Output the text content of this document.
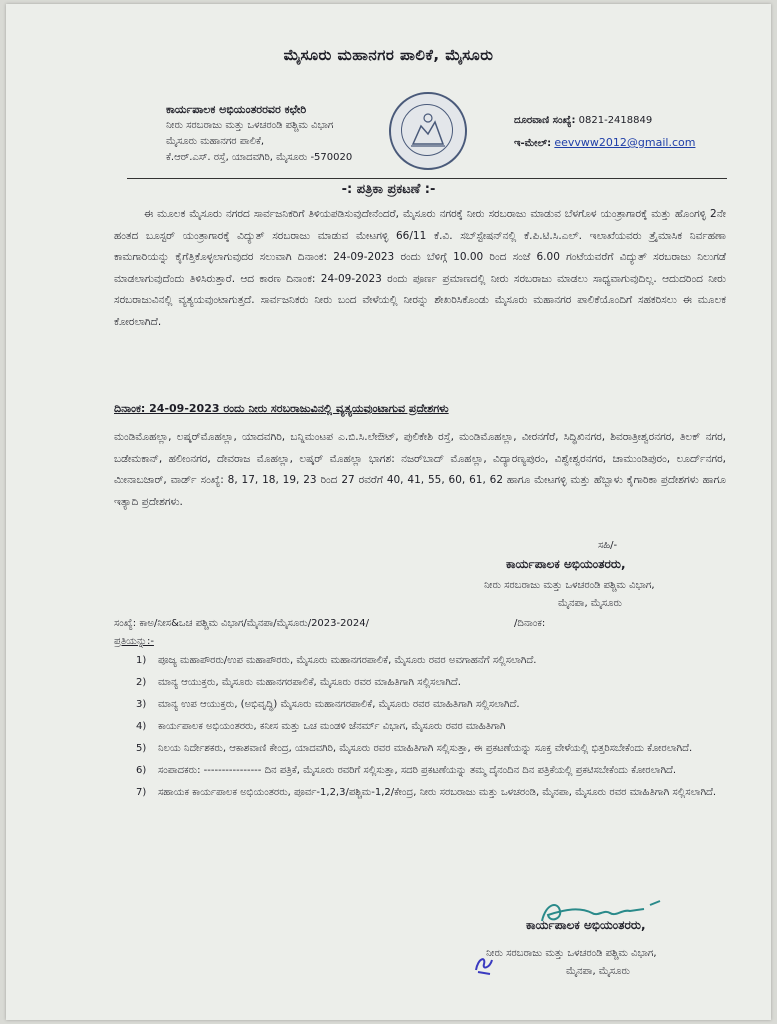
ಮೈಸೂರು ಮಹಾನಗರ ಪಾಲಿಕೆ, ಮೈಸೂರು
ಕಾರ್ಯಪಾಲಕ ಅಭಿಯಂತರರವರ ಕಛೇರಿ
ನೀರು ಸರಬರಾಜು ಮತ್ತು ಒಳಚರಂಡಿ ಪಶ್ಚಿಮ ವಿಭಾಗ
ಮೈಸೂರು ಮಹಾನಗರ ಪಾಲಿಕೆ,
ಕೆ.ಆರ್.ಎಸ್. ರಸ್ತೆ, ಯಾದವಗಿರಿ, ಮೈಸೂರು -570020
ದೂರವಾಣಿ ಸಂಖ್ಯೆ: 0821-2418849
ಇ-ಮೇಲ್: eevvww2012@gmail.com
-: ಪತ್ರಿಕಾ ಪ್ರಕಟಣೆ :-
ಈ ಮೂಲಕ ಮೈಸೂರು ನಗರದ ಸಾರ್ವಜನಿಕರಿಗೆ ತಿಳಿಯಪಡಿಸುವುದೇನೆಂದರೆ, ಮೈಸೂರು ನಗರಕ್ಕೆ ನೀರು ಸರಬರಾಜು ಮಾಡುವ ಬೆಳಗೊಳ ಯಂತ್ರಾಗಾರಕ್ಕೆ ಮತ್ತು ಹೊಂಗಳ್ಳಿ 2ನೇ ಹಂತದ ಬೂಸ್ಟರ್ ಯಂತ್ರಾಗಾರಕ್ಕೆ ವಿದ್ಯುತ್ ಸರಬರಾಜು ಮಾಡುವ ಮೇಟಗಳ್ಳಿ 66/11 ಕೆ.ವಿ. ಸಬ್‌ಸ್ಟೇಷನ್‌ನಲ್ಲಿ ಕೆ.ಪಿ.ಟಿ.ಸಿ.ಎಲ್. ಇಲಾಖೆಯವರು ತ್ರೈಮಾಸಿಕ ನಿರ್ವಹಣಾ ಕಾಮಗಾರಿಯನ್ನು ಕೈಗೆತ್ತಿಕೊಳ್ಳಲಾಗುವುದರ ಸಲುವಾಗಿ ದಿನಾಂಕ: 24-09-2023 ರಂದು ಬೆಳಿಗ್ಗೆ 10.00 ರಿಂದ ಸಂಜೆ 6.00 ಗಂಟೆಯವರೆಗೆ ವಿದ್ಯುತ್ ಸರಬರಾಜು ನಿಲುಗಡೆ ಮಾಡಲಾಗುವುದೆಂದು ತಿಳಿಸಿರುತ್ತಾರೆ. ಆದ ಕಾರಣ ದಿನಾಂಕ: 24-09-2023 ರಂದು ಪೂರ್ಣ ಪ್ರಮಾಣದಲ್ಲಿ ನೀರು ಸರಬರಾಜು ಮಾಡಲು ಸಾಧ್ಯವಾಗುವುದಿಲ್ಲ. ಆದುದರಿಂದ ನೀರು ಸರಬರಾಜುವಿನಲ್ಲಿ ವ್ಯತ್ಯಯವುಂಟಾಗುತ್ತದೆ. ಸಾರ್ವಜನಿಕರು ನೀರು ಬಂದ ವೇಳೆಯಲ್ಲಿ ನೀರನ್ನು ಶೇಖರಿಸಿಕೊಂಡು ಮೈಸೂರು ಮಹಾನಗರ ಪಾಲಿಕೆಯೊಂದಿಗೆ ಸಹಕರಿಸಲು ಈ ಮೂಲಕ ಕೋರಲಾಗಿದೆ.
ದಿನಾಂಕ: 24-09-2023 ರಂದು ನೀರು ಸರಬರಾಜುವಿನಲ್ಲಿ ವ್ಯತ್ಯಯವುಂಟಾಗುವ ಪ್ರದೇಶಗಳು
ಮಂಡಿಮೊಹಲ್ಲಾ, ಲಷ್ಕರ್‌ಮೊಹಲ್ಲಾ, ಯಾದವಗಿರಿ, ಬನ್ನಿಮಂಟಪ ಎ.ಬಿ.ಸಿ.ಲೇಔಟ್, ಪುಲಿಕೇಶಿ ರಸ್ತೆ, ಮಂಡಿಮೊಹಲ್ಲಾ, ವೀರನಗೆರೆ, ಸಿದ್ಧಿಖಿನಗರ, ಶಿವರಾತ್ರೀಶ್ವರನಗರ, ತಿಲಕ್ ನಗರ, ಬಡೇಮಕಾನ್, ಹಲೀಂನಗರ, ದೇವರಾಜ ಮೊಹಲ್ಲಾ, ಲಷ್ಕರ್ ಮೊಹಲ್ಲಾ ಭಾಗಶ: ನಜರ್‌ಬಾದ್ ಮೊಹಲ್ಲಾ, ವಿದ್ಯಾರಣ್ಯಪುರಂ, ವಿಶ್ವೇಶ್ವರನಗರ, ಚಾಮುಂಡಿಪುರಂ, ಲೂರ್ದ್‌ನಗರ, ಮೀನಾಬಜಾರ್, ವಾರ್ಡ್ ಸಂಖ್ಯೆ: 8, 17, 18, 19, 23 ರಿಂದ 27 ರವರೆಗೆ 40, 41, 55, 60, 61, 62 ಹಾಗೂ ಮೇಟಗಳ್ಳಿ ಮತ್ತು ಹೆಬ್ಬಾಳು ಕೈಗಾರಿಕಾ ಪ್ರದೇಶಗಳು ಹಾಗೂ ಇತ್ಯಾದಿ ಪ್ರದೇಶಗಳು.
ಸಹಿ/-
ಕಾರ್ಯಪಾಲಕ ಅಭಿಯಂತರರು,
ನೀರು ಸರಬರಾಜು ಮತ್ತು ಒಳಚರಂಡಿ ಪಶ್ಚಿಮ ವಿಭಾಗ,
ಮೈನಪಾ, ಮೈಸೂರು
ಸಂಖ್ಯೆ: ಕಾಅ/ನೀಸ&ಒಚ ಪಶ್ಚಿಮ ವಿಭಾಗ/ಮೈನಪಾ/ಮೈಸೂರು/2023-2024/	/ದಿನಾಂಕ:
ಪ್ರತಿಯನ್ನು:-
1) ಪೂಜ್ಯ ಮಹಾಪೌರರು/ಉಪ ಮಹಾಪೌರರು, ಮೈಸೂರು ಮಹಾನಗರಪಾಲಿಕೆ, ಮೈಸೂರು ರವರ ಅವಗಾಹನೆಗೆ ಸಲ್ಲಿಸಲಾಗಿದೆ.
2) ಮಾನ್ಯ ಆಯುಕ್ತರು, ಮೈಸೂರು ಮಹಾನಗರಪಾಲಿಕೆ, ಮೈಸೂರು ರವರ ಮಾಹಿತಿಗಾಗಿ ಸಲ್ಲಿಸಲಾಗಿದೆ.
3) ಮಾನ್ಯ ಉಪ ಆಯುಕ್ತರು, (ಅಭಿವೃದ್ಧಿ) ಮೈಸೂರು ಮಹಾನಗರಪಾಲಿಕೆ, ಮೈಸೂರು ರವರ ಮಾಹಿತಿಗಾಗಿ ಸಲ್ಲಿಸಲಾಗಿದೆ.
4) ಕಾರ್ಯಪಾಲಕ ಅಭಿಯಂತರರು, ಕನೀಸ ಮತ್ತು ಒಚ ಮಂಡಳಿ ಜೆನರ್ಮ್ ವಿಭಾಗ, ಮೈಸೂರು ರವರ ಮಾಹಿತಿಗಾಗಿ
5) ನಿಲಯ ನಿರ್ದೇಶಕರು, ಆಕಾಶವಾಣಿ ಕೇಂದ್ರ, ಯಾದವಗಿರಿ, ಮೈಸೂರು ರವರ ಮಾಹಿತಿಗಾಗಿ ಸಲ್ಲಿಸುತ್ತಾ, ಈ ಪ್ರಕಟಣೆಯನ್ನು ಸೂಕ್ತ ವೇಳೆಯಲ್ಲಿ ಭಿತ್ತರಿಸಬೇಕೆಂದು ಕೋರಲಾಗಿದೆ.
6) ಸಂಪಾದಕರು: ---------------- ದಿನ ಪತ್ರಿಕೆ, ಮೈಸೂರು ರವರಿಗೆ ಸಲ್ಲಿಸುತ್ತಾ, ಸದರಿ ಪ್ರಕಟಣೆಯನ್ನು ತಮ್ಮ ದೈನಂದಿನ ದಿನ ಪತ್ರಿಕೆಯಲ್ಲಿ ಪ್ರಕಟಿಸಬೇಕೆಂದು ಕೋರಲಾಗಿದೆ.
7) ಸಹಾಯಕ ಕಾರ್ಯಪಾಲಕ ಅಭಿಯಂತರರು, ಪೂರ್ವ-1,2,3/ಪಶ್ಚಿಮ-1,2/ಕೇಂದ್ರ, ನೀರು ಸರಬರಾಜು ಮತ್ತು ಒಳಚರಂಡಿ, ಮೈನಪಾ, ಮೈಸೂರು ರವರ ಮಾಹಿತಿಗಾಗಿ ಸಲ್ಲಿಸಲಾಗಿದೆ.
ಕಾರ್ಯಪಾಲಕ ಅಭಿಯಂತರರು,
ನೀರು ಸರಬರಾಜು ಮತ್ತು ಒಳಚರಂಡಿ ಪಶ್ಚಿಮ ವಿಭಾಗ,
ಮೈನಪಾ, ಮೈಸೂರು
